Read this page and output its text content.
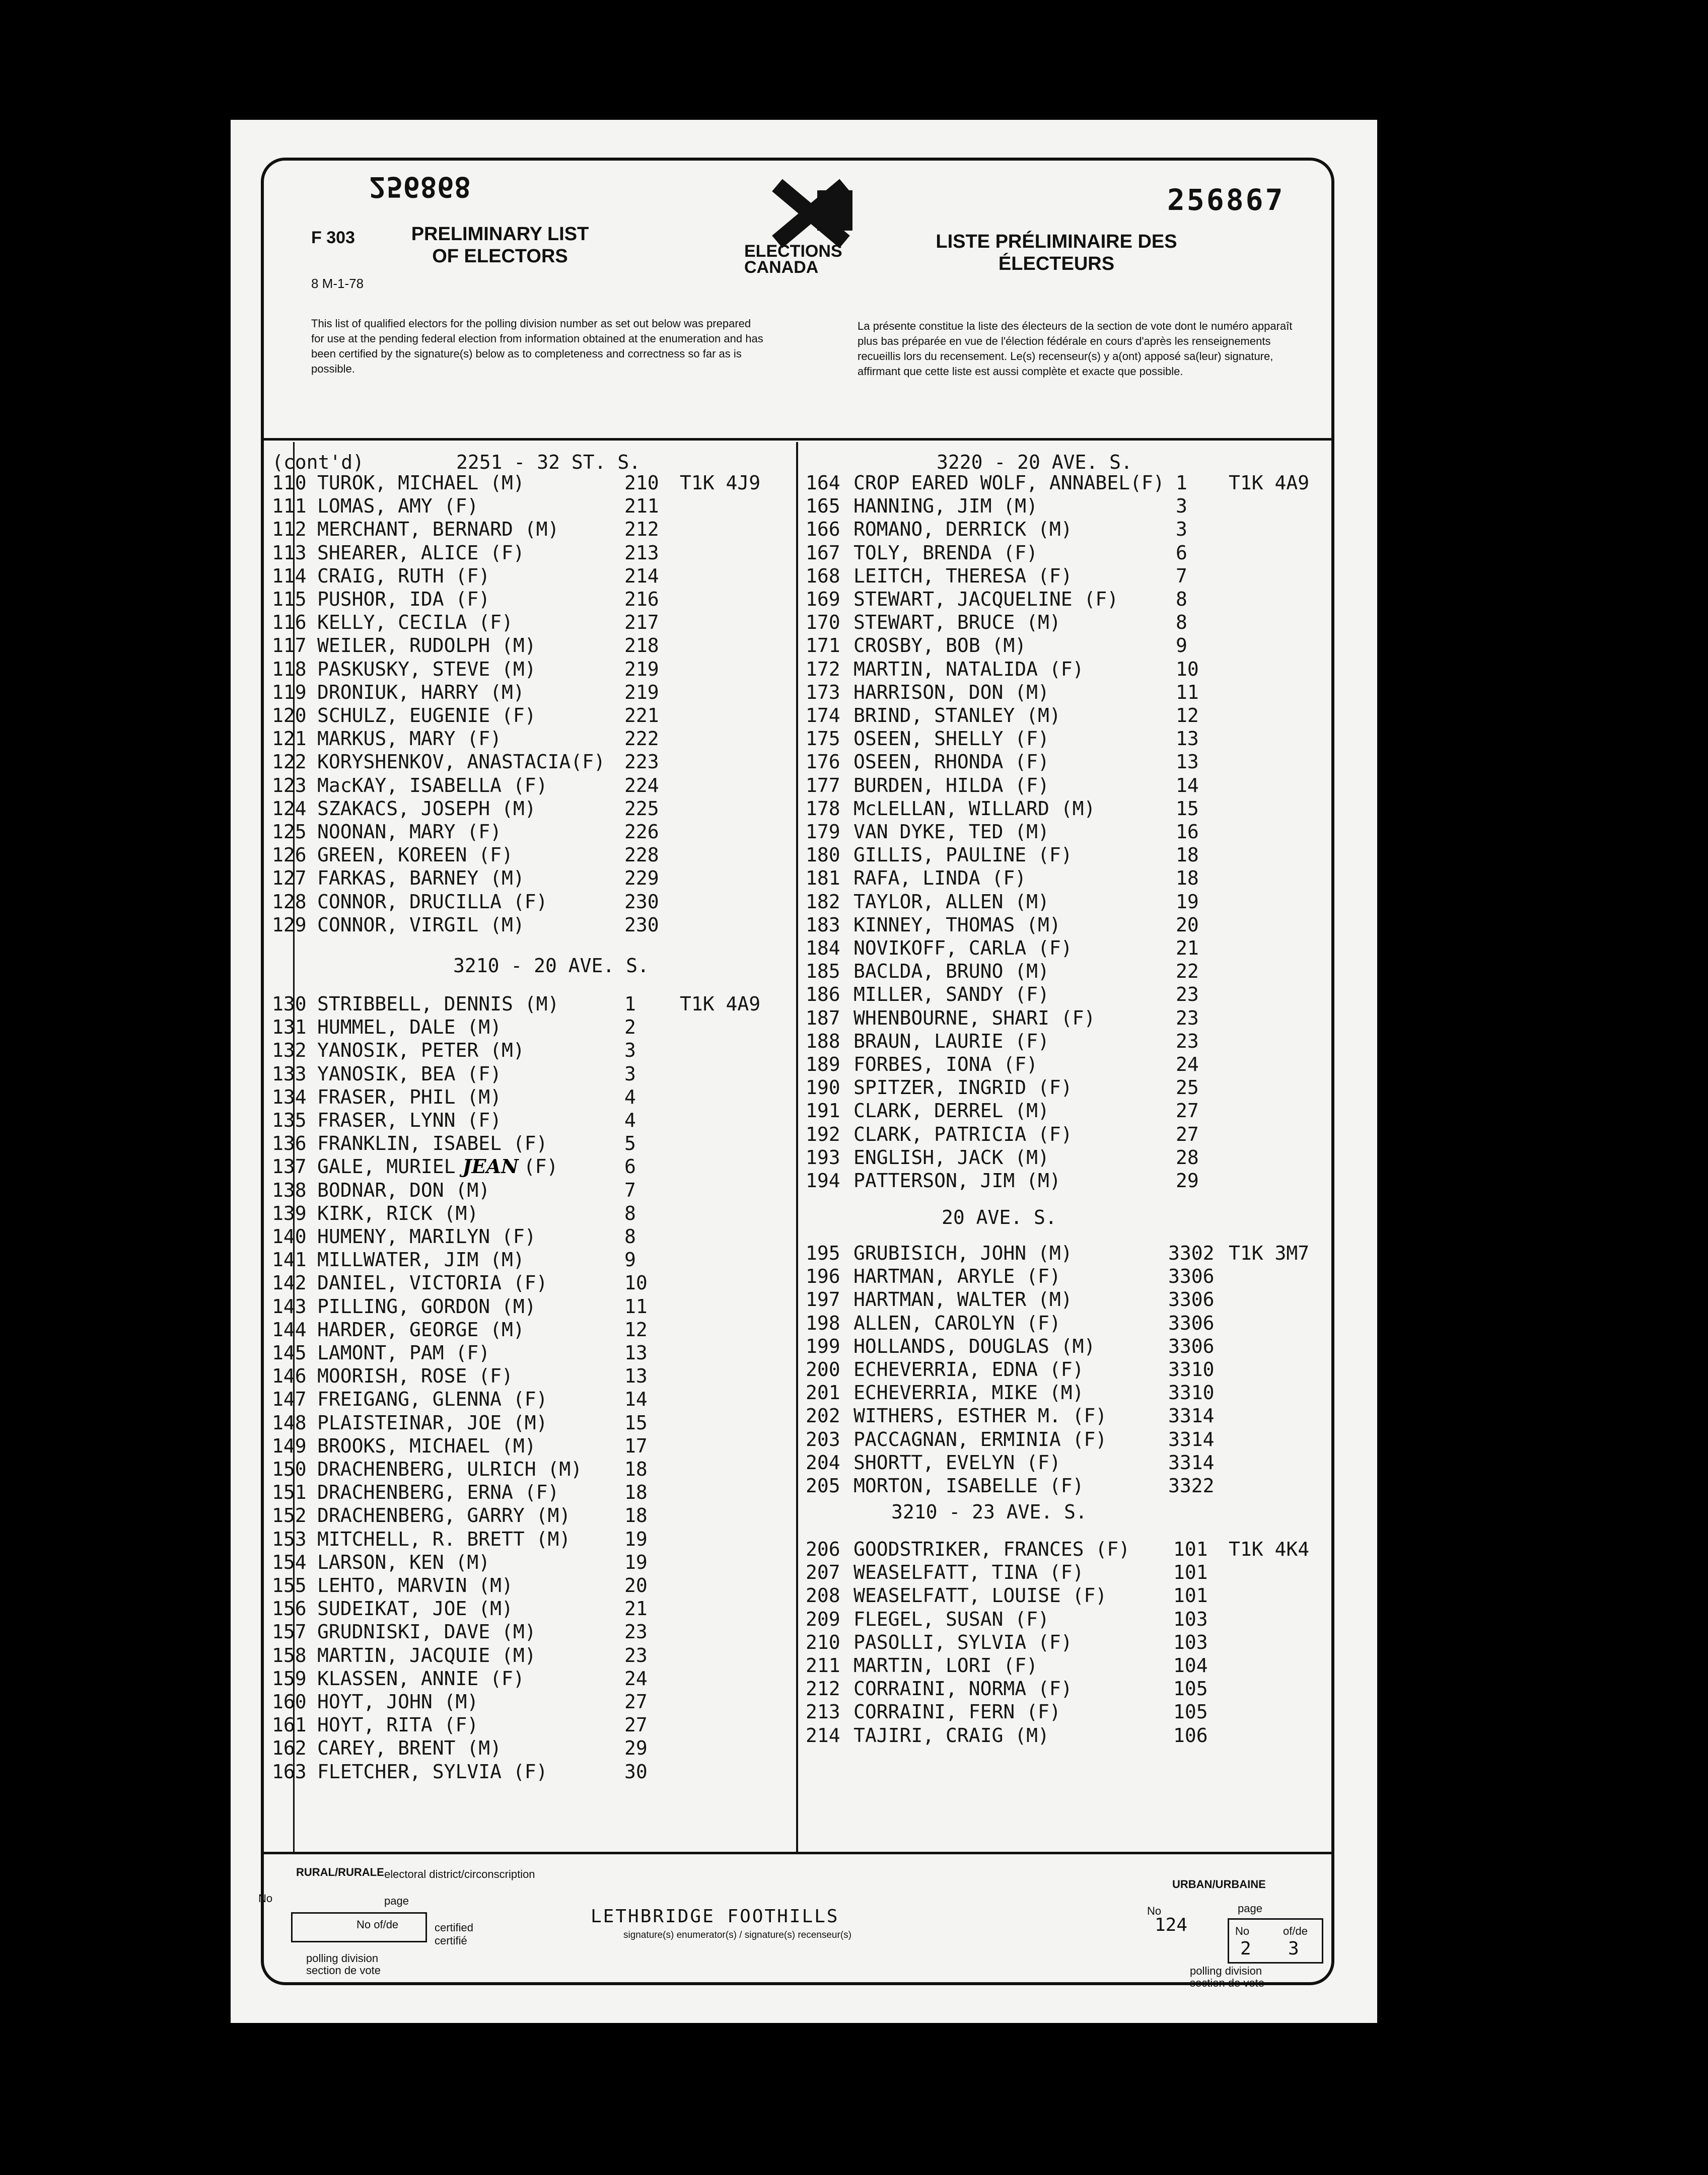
256868
F 303	PRELIMINARY LIST OF ELECTORS
8 M-1-78
ELECTIONS CANADA
256867
LISTE PRÉLIMINAIRE DES ÉLECTEURS
This list of qualified electors for the polling division number as set out below was prepared for use at the pending federal election from information obtained at the enumeration and has been certified by the signature(s) below as to completeness and correctness so far as is possible.
La présente constitue la liste des électeurs de la section de vote dont le numéro apparaît plus bas préparée en vue de l'élection fédérale en cours d'après les renseignements recueillis lors du recensement. Le(s) recenseur(s) y a(ont) apposé sa(leur) signature, affirmant que cette liste est aussi complète et exacte que possible.

(cont'd)        2251 - 32 ST. S.

110 TUROK, MICHAEL (M)	210 T1K 4J9
111 LOMAS, AMY (F)	211
112 MERCHANT, BERNARD (M)	212
113 SHEARER, ALICE (F)	213
114 CRAIG, RUTH (F)	214
115 PUSHOR, IDA (F)	216
116 KELLY, CECILA (F)	217
117 WEILER, RUDOLPH (M)	218
118 PASKUSKY, STEVE (M)	219
119 DRONIUK, HARRY (M)	219
120 SCHULZ, EUGENIE (F)	221
121 MARKUS, MARY (F)	222
122 KORYSHENKOV, ANASTACIA(F) 223
123 MacKAY, ISABELLA (F)	224
124 SZAKACS, JOSEPH (M)	225
125 NOONAN, MARY (F)	226
126 GREEN, KOREEN (F)	228
127 FARKAS, BARNEY (M)	229
128 CONNOR, DRUCILLA (F)	230
129 CONNOR, VIRGIL (M)	230

3210 - 20 AVE. S.

130 STRIBBELL, DENNIS (M)	1 T1K 4A9
131 HUMMEL, DALE (M)	2
132 YANOSIK, PETER (M)	3
133 YANOSIK, BEA (F)	3
134 FRASER, PHIL (M)	4
135 FRASER, LYNN (F)	4
136 FRANKLIN, ISABEL (F)	5
137 GALE, MURIEL JEAN (F)	6
138 BODNAR, DON (M)	7
139 KIRK, RICK (M)	8
140 HUMENY, MARILYN (F)	8
141 MILLWATER, JIM (M)	9
142 DANIEL, VICTORIA (F)	10
143 PILLING, GORDON (M)	11
144 HARDER, GEORGE (M)	12
145 LAMONT, PAM (F)	13
146 MOORISH, ROSE (F)	13
147 FREIGANG, GLENNA (F)	14
148 PLAISTEINAR, JOE (M)	15
149 BROOKS, MICHAEL (M)	17
150 DRACHENBERG, ULRICH (M) 18
151 DRACHENBERG, ERNA (F)	18
152 DRACHENBERG, GARRY (M)	18
153 MITCHELL, R. BRETT (M)	19
154 LARSON, KEN (M)	19
155 LEHTO, MARVIN (M)	20
156 SUDEIKAT, JOE (M)	21
157 GRUDNISKI, DAVE (M)	23
158 MARTIN, JACQUIE (M)	23
159 KLASSEN, ANNIE (F)	24
160 HOYT, JOHN (M)	27
161 HOYT, RITA (F)	27
162 CAREY, BRENT (M)	29
163 FLETCHER, SYLVIA (F)	30

3220 - 20 AVE. S.

164 CROP EARED WOLF, ANNABEL(F) 1 T1K 4A9
165 HANNING, JIM (M)	3
166 ROMANO, DERRICK (M)	3
167 TOLY, BRENDA (F)	6
168 LEITCH, THERESA (F)	7
169 STEWART, JACQUELINE (F)	8
170 STEWART, BRUCE (M)	8
171 CROSBY, BOB (M)	9
172 MARTIN, NATALIDA (F)	10
173 HARRISON, DON (M)	11
174 BRIND, STANLEY (M)	12
175 OSEEN, SHELLY (F)	13
176 OSEEN, RHONDA (F)	13
177 BURDEN, HILDA (F)	14
178 McLELLAN, WILLARD (M)	15
179 VAN DYKE, TED (M)	16
180 GILLIS, PAULINE (F)	18
181 RAFA, LINDA (F)	18
182 TAYLOR, ALLEN (M)	19
183 KINNEY, THOMAS (M)	20
184 NOVIKOFF, CARLA (F)	21
185 BACLDA, BRUNO (M)	22
186 MILLER, SANDY (F)	23
187 WHENBOURNE, SHARI (F)	23
188 BRAUN, LAURIE (F)	23
189 FORBES, IONA (F)	24
190 SPITZER, INGRID (F)	25
191 CLARK, DERREL (M)	27
192 CLARK, PATRICIA (F)	27
193 ENGLISH, JACK (M)	28
194 PATTERSON, JIM (M)	29

20 AVE. S.

195 GRUBISICH, JOHN (M)	3302 T1K 3M7
196 HARTMAN, ARYLE (F)	3306
197 HARTMAN, WALTER (M)	3306
198 ALLEN, CAROLYN (F)	3306
199 HOLLANDS, DOUGLAS (M)	3306
200 ECHEVERRIA, EDNA (F)	3310
201 ECHEVERRIA, MIKE (M)	3310
202 WITHERS, ESTHER M. (F)	3314
203 PACCAGNAN, ERMINIA (F)	3314
204 SHORTT, EVELYN (F)	3314
205 MORTON, ISABELLE (F)	3322

3210 - 23 AVE. S.

206 GOODSTRIKER, FRANCES (F) 101 T1K 4K4
207 WEASELFATT, TINA (F)	101
208 WEASELFATT, LOUISE (F)	101
209 FLEGEL, SUSAN (F)	103
210 PASOLLI, SYLVIA (F)	103
211 MARTIN, LORI (F)	104
212 CORRAINI, NORMA (F)	105
213 CORRAINI, FERN (F)	105
214 TAJIRI, CRAIG (M)	106

RURAL/RURALE electoral district/circonscription
No	page
No of/de	certified certifié
polling division section de vote
LETHBRIDGE FOOTHILLS
signature(s) enumerator(s) / signature(s) recenseur(s)
URBAN/URBAINE
No
124
page
No	of/de
2 3
polling division section de vote
